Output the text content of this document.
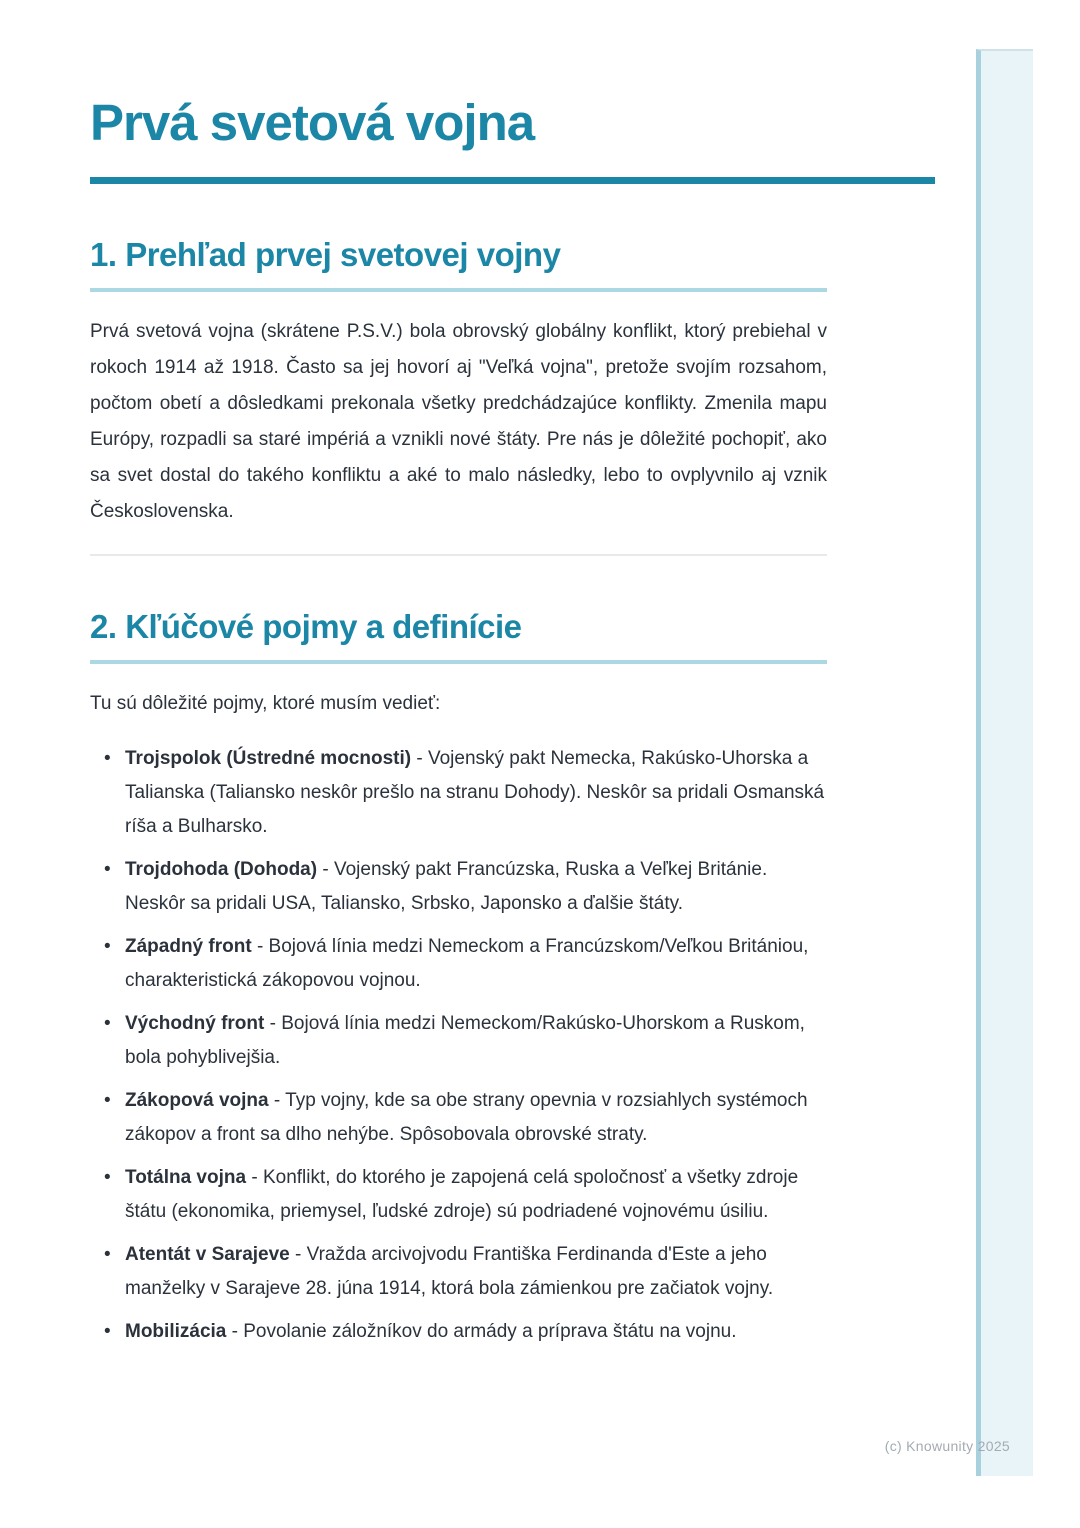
Prvá svetová vojna
1. Prehľad prvej svetovej vojny

Prvá svetová vojna (skrátene P.S.V.) bola obrovský globálny konflikt, ktorý prebiehal v rokoch 1914 až 1918. Často sa jej hovorí aj "Veľká vojna", pretože svojím rozsahom, počtom obetí a dôsledkami prekonala všetky predchádzajúce konflikty. Zmenila mapu Európy, rozpadli sa staré impériá a vznikli nové štáty. Pre nás je dôležité pochopiť, ako sa svet dostal do takého konfliktu a aké to malo následky, lebo to ovplyvnilo aj vznik Československa.

2. Kľúčové pojmy a definície

Tu sú dôležité pojmy, ktoré musím vedieť:

• Trojspolok (Ústredné mocnosti) - Vojenský pakt Nemecka, Rakúsko-Uhorska a Talianska (Taliansko neskôr prešlo na stranu Dohody). Neskôr sa pridali Osmanská ríša a Bulharsko.
• Trojdohoda (Dohoda) - Vojenský pakt Francúzska, Ruska a Veľkej Británie. Neskôr sa pridali USA, Taliansko, Srbsko, Japonsko a ďalšie štáty.
• Západný front - Bojová línia medzi Nemeckom a Francúzskom/Veľkou Britániou, charakteristická zákopovou vojnou.
• Východný front - Bojová línia medzi Nemeckom/Rakúsko-Uhorskom a Ruskom, bola pohyblivejšia.
• Zákopová vojna - Typ vojny, kde sa obe strany opevnia v rozsiahlych systémoch zákopov a front sa dlho nehýbe. Spôsobovala obrovské straty.
• Totálna vojna - Konflikt, do ktorého je zapojená celá spoločnosť a všetky zdroje štátu (ekonomika, priemysel, ľudské zdroje) sú podriadené vojnovému úsiliu.
• Atentát v Sarajeve - Vražda arcivojvodu Františka Ferdinanda d'Este a jeho manželky v Sarajeve 28. júna 1914, ktorá bola zámienkou pre začiatok vojny.
• Mobilizácia - Povolanie záložníkov do armády a príprava štátu na vojnu.
(c) Knowunity 2025
